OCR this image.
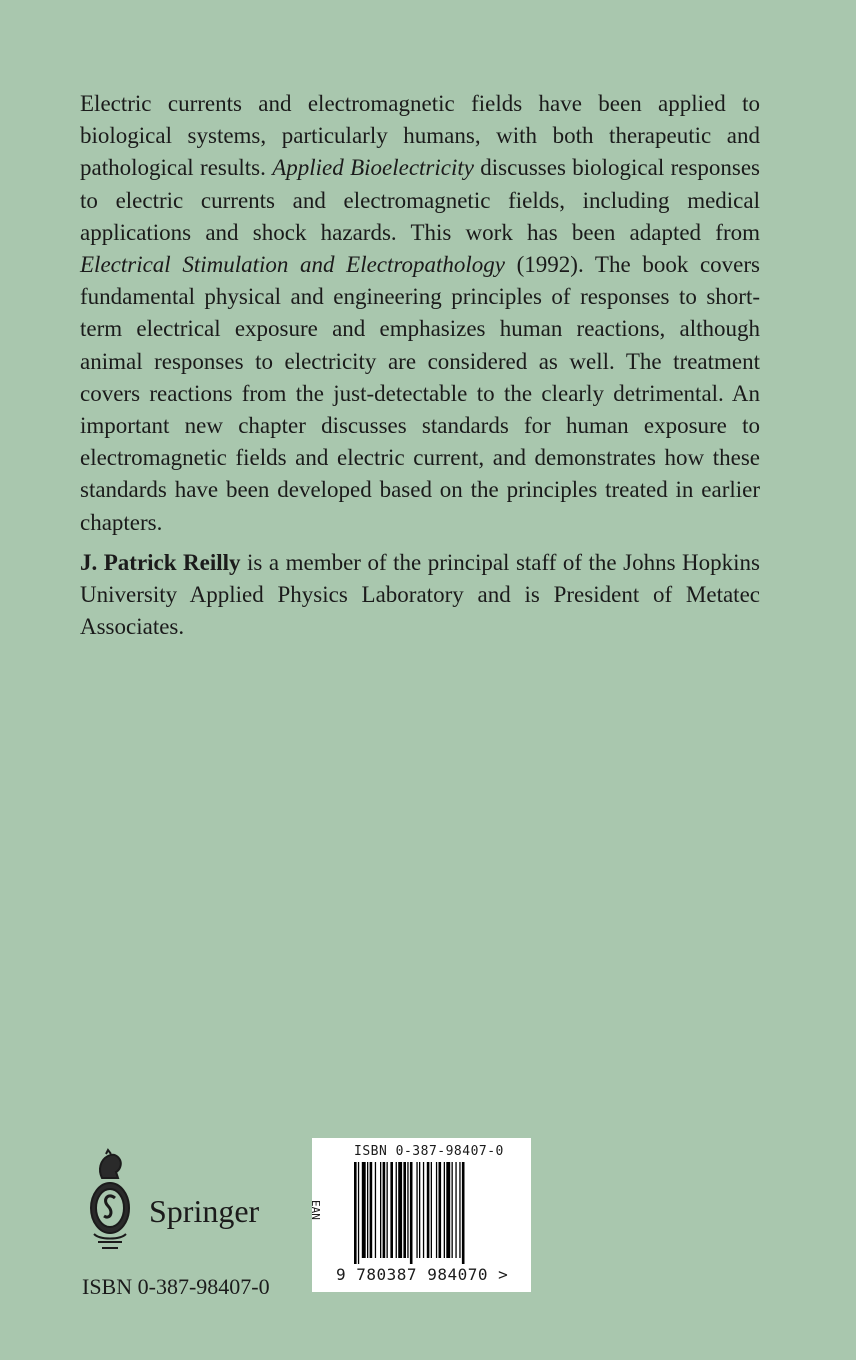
Electric currents and electromagnetic fields have been applied to biological systems, particularly humans, with both therapeutic and pathological results. Applied Bioelectricity discusses biological responses to electric currents and electromagnetic fields, including medical applications and shock hazards. This work has been adapted from Electrical Stimulation and Electropathology (1992). The book covers fundamental physical and engineering principles of responses to short-term electrical exposure and emphasizes human reactions, although animal responses to electricity are considered as well. The treatment covers reactions from the just-detectable to the clearly detrimental. An important new chapter discusses standards for human exposure to electromagnetic fields and electric current, and demonstrates how these standards have been developed based on the principles treated in earlier chapters.

J. Patrick Reilly is a member of the principal staff of the Johns Hopkins University Applied Physics Laboratory and is President of Metatec Associates.

Springer
ISBN 0-387-98407-0
ISBN 0-387-98407-0
EAN
9 780387 984070 >
